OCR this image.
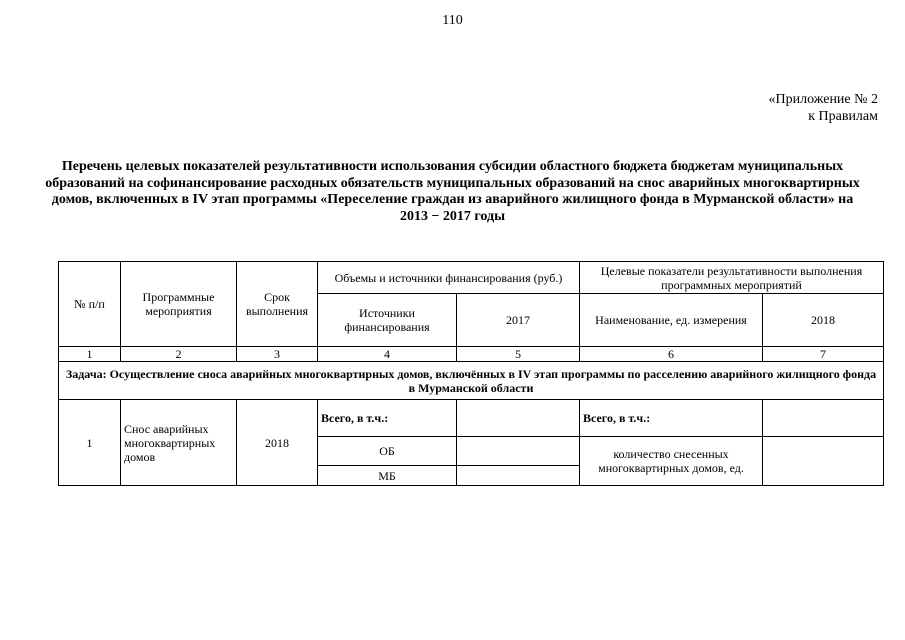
110
«Приложение № 2
к Правилам
Перечень целевых показателей результативности использования субсидии областного бюджета бюджетам муниципальных образований на софинансирование расходных обязательств муниципальных образований на снос аварийных многоквартирных домов, включенных в IV этап программы «Переселение граждан из аварийного жилищного фонда в Мурманской области» на 2013 − 2017 годы
№ п/п	Программные мероприятия	Срок выполнения	Объемы и источники финансирования (руб.)		Целевые показатели результативности выполнения программных мероприятий	
			Источники финансирования	2017	Наименование, ед. измерения	2018
1	2	3	4	5	6	7
Задача: Осуществление сноса аварийных многоквартирных домов, включённых в IV этап программы по расселению аварийного жилищного фонда в Мурманской области						
1	Снос аварийных многоквартирных домов	2018	Всего, в т.ч.:		Всего, в т.ч.:	
			ОБ		количество снесенных многоквартирных домов, ед.	
			МБ			
